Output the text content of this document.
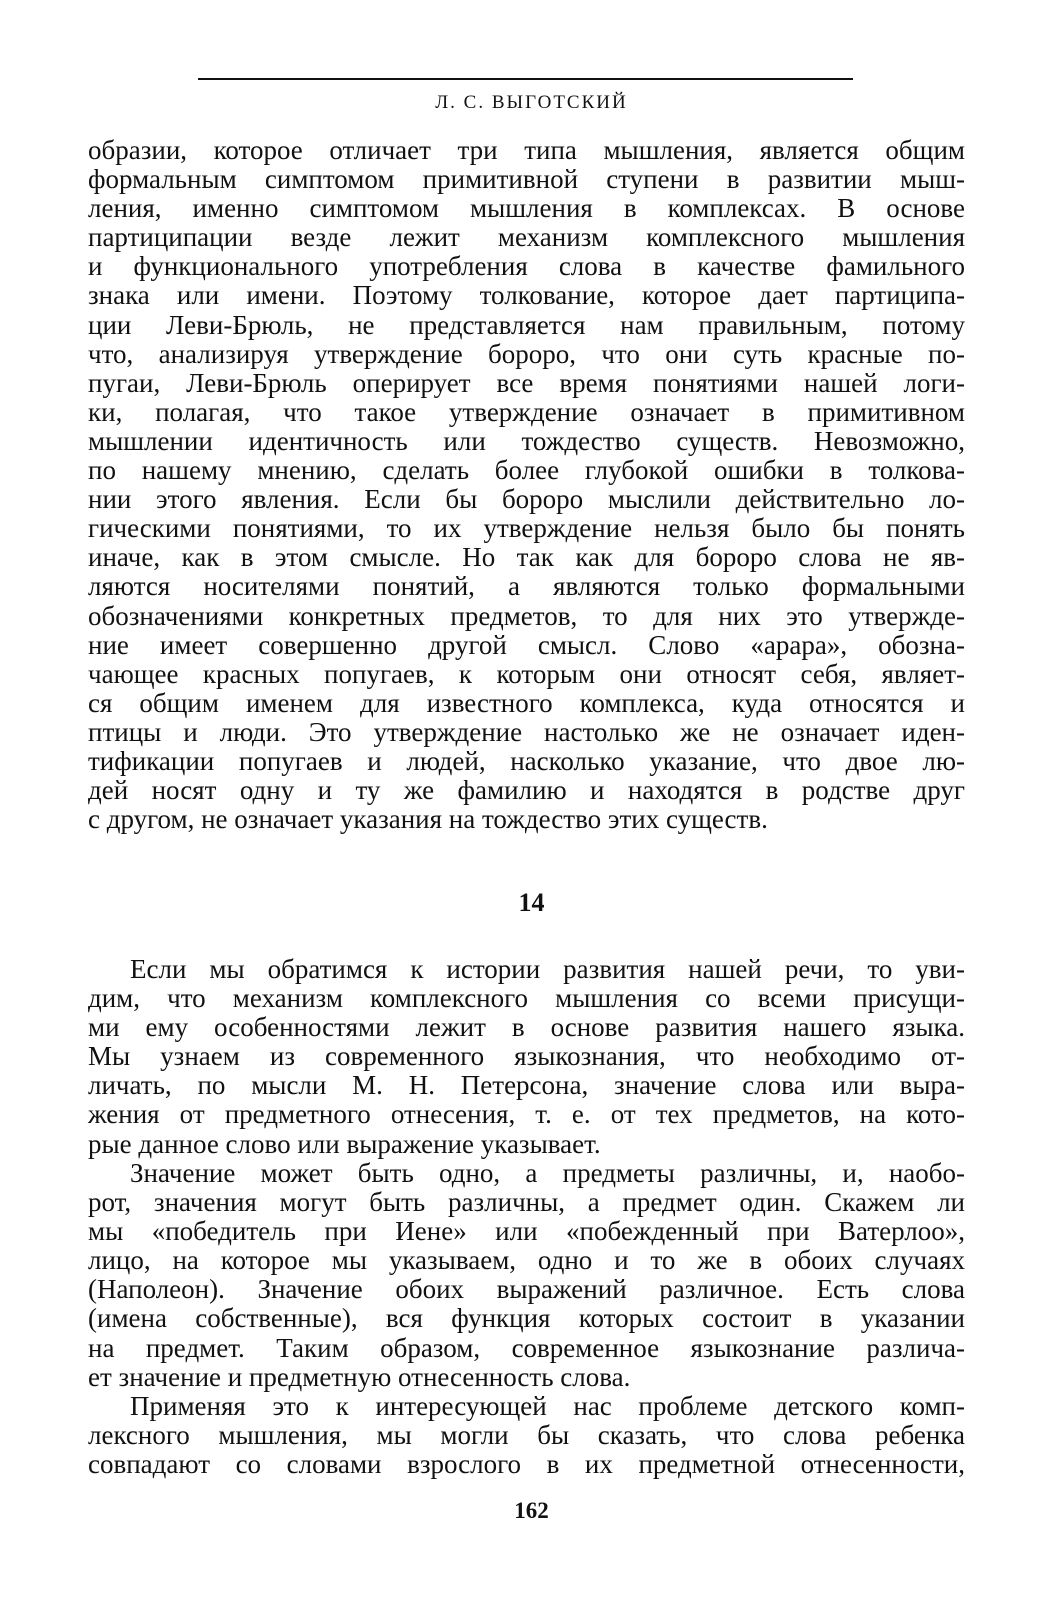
Л. С. ВЫГОТСКИЙ
образии, которое отличает три типа мышления, является общим
формальным симптомом примитивной ступени в развитии мыш-
ления, именно симптомом мышления в комплексах. В основе
партиципации везде лежит механизм комплексного мышления
и функционального употребления слова в качестве фамильного
знака или имени. Поэтому толкование, которое дает партиципа-
ции Леви-Брюль, не представляется нам правильным, потому
что, анализируя утверждение бороро, что они суть красные по-
пугаи, Леви-Брюль оперирует все время понятиями нашей логи-
ки, полагая, что такое утверждение означает в примитивном
мышлении идентичность или тождество существ. Невозможно,
по нашему мнению, сделать более глубокой ошибки в толкова-
нии этого явления. Если бы бороро мыслили действительно ло-
гическими понятиями, то их утверждение нельзя было бы понять
иначе, как в этом смысле. Но так как для бороро слова не яв-
ляются носителями понятий, а являются только формальными
обозначениями конкретных предметов, то для них это утвержде-
ние имеет совершенно другой смысл. Слово «арара», обозна-
чающее красных попугаев, к которым они относят себя, являет-
ся общим именем для известного комплекса, куда относятся и
птицы и люди. Это утверждение настолько же не означает иден-
тификации попугаев и людей, насколько указание, что двое лю-
дей носят одну и ту же фамилию и находятся в родстве друг
с другом, не означает указания на тождество этих существ.
14
Если мы обратимся к истории развития нашей речи, то уви-
дим, что механизм комплексного мышления со всеми присущи-
ми ему особенностями лежит в основе развития нашего языка.
Мы узнаем из современного языкознания, что необходимо от-
личать, по мысли М. Н. Петерсона, значение слова или выра-
жения от предметного отнесения, т. е. от тех предметов, на кото-
рые данное слово или выражение указывает.
Значение может быть одно, а предметы различны, и, наобо-
рот, значения могут быть различны, а предмет один. Скажем ли
мы «победитель при Иене» или «побежденный при Ватерлоо»,
лицо, на которое мы указываем, одно и то же в обоих случаях
(Наполеон). Значение обоих выражений различное. Есть слова
(имена собственные), вся функция которых состоит в указании
на предмет. Таким образом, современное языкознание различа-
ет значение и предметную отнесенность слова.
Применяя это к интересующей нас проблеме детского комп-
лексного мышления, мы могли бы сказать, что слова ребенка
совпадают со словами взрослого в их предметной отнесенности,
162
